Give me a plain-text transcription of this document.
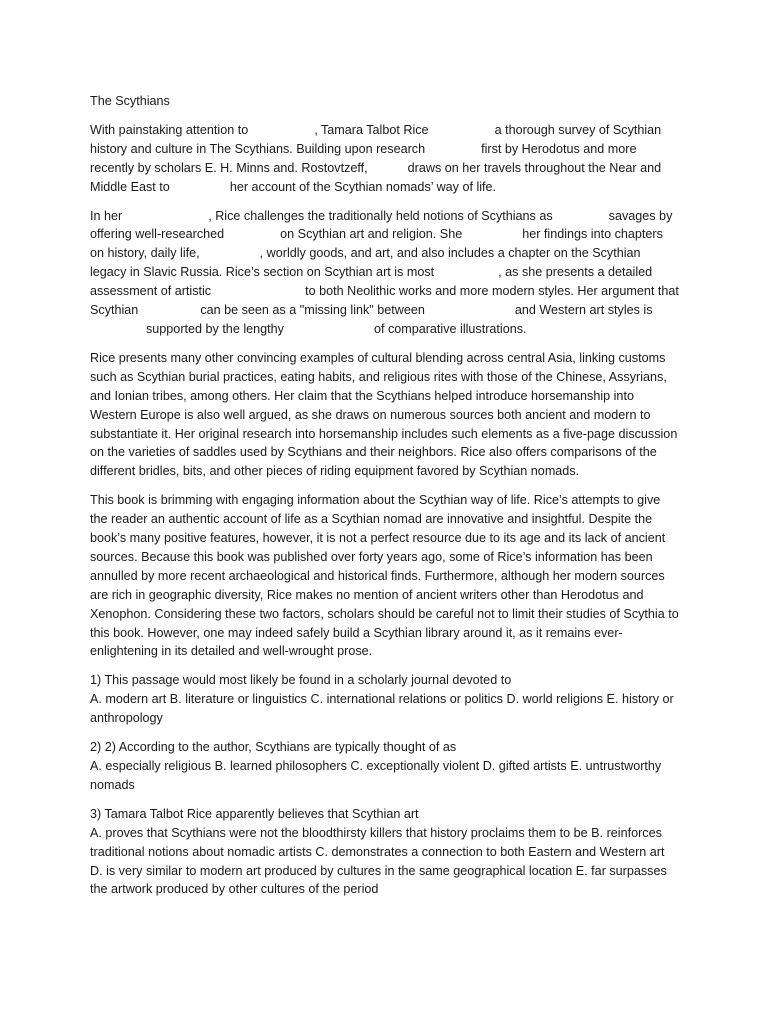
The Scythians

With painstaking attention to	, Tamara Talbot Rice	a thorough survey of Scythian history and culture in The Scythians. Building upon research	first by Herodotus and more recently by scholars E. H. Minns and. Rostovtzeff,	draws on her travels throughout the Near and Middle East to	her account of the Scythian nomads’ way of life.

In her	, Rice challenges the traditionally held notions of Scythians as	savages by offering well-researched	on Scythian art and religion. She	her findings into chapters on history, daily life,	, worldly goods, and art, and also includes a chapter on the Scythian legacy in Slavic Russia. Rice’s section on Scythian art is most	, as she presents a detailed assessment of artistic	to both Neolithic works and more modern styles. Her argument that Scythian	can be seen as a "missing link" between	and Western art styles issupported by the lengthy	of comparative illustrations.

Rice presents many other convincing examples of cultural blending across central Asia, linking customs such as Scythian burial practices, eating habits, and religious rites with those of the Chinese, Assyrians, and Ionian tribes, among others. Her claim that the Scythians helped introduce horsemanship into Western Europe is also well argued, as she draws on numerous sources both ancient and modern to substantiate it. Her original research into horsemanship includes such elements as a five-page discussion on the varieties of saddles used by Scythians and their neighbors. Rice also offers comparisons of the different bridles, bits, and other pieces of riding equipment favored by Scythian nomads.

This book is brimming with engaging information about the Scythian way of life. Rice’s attempts to give the reader an authentic account of life as a Scythian nomad are innovative and insightful. Despite the book’s many positive features, however, it is not a perfect resource due to its age and its lack of ancient sources. Because this book was published over forty years ago, some of Rice’s information has been annulled by more recent archaeological and historical finds. Furthermore, although her modern sources are rich in geographic diversity, Rice makes no mention of ancient writers other than Herodotus and Xenophon. Considering these two factors, scholars should be careful not to limit their studies of Scythia to this book. However, one may indeed safely build a Scythian library around it, as it remains ever-enlightening in its detailed and well-wrought prose.

1) This passage would most likely be found in a scholarly journal devoted to
A. modern art B. literature or linguistics C. international relations or politics D. world religions E. history or anthropology
2) 2) According to the author, Scythians are typically thought of as
A. especially religious B. learned philosophers C. exceptionally violent D. gifted artists E. untrustworthy nomads
3) Tamara Talbot Rice apparently believes that Scythian art
A. proves that Scythians were not the bloodthirsty killers that history proclaims them to be B. reinforces traditional notions about nomadic artists C. demonstrates a connection to both Eastern and Western art D. is very similar to modern art produced by cultures in the same geographical location E. far surpasses the artwork produced by other cultures of the period
